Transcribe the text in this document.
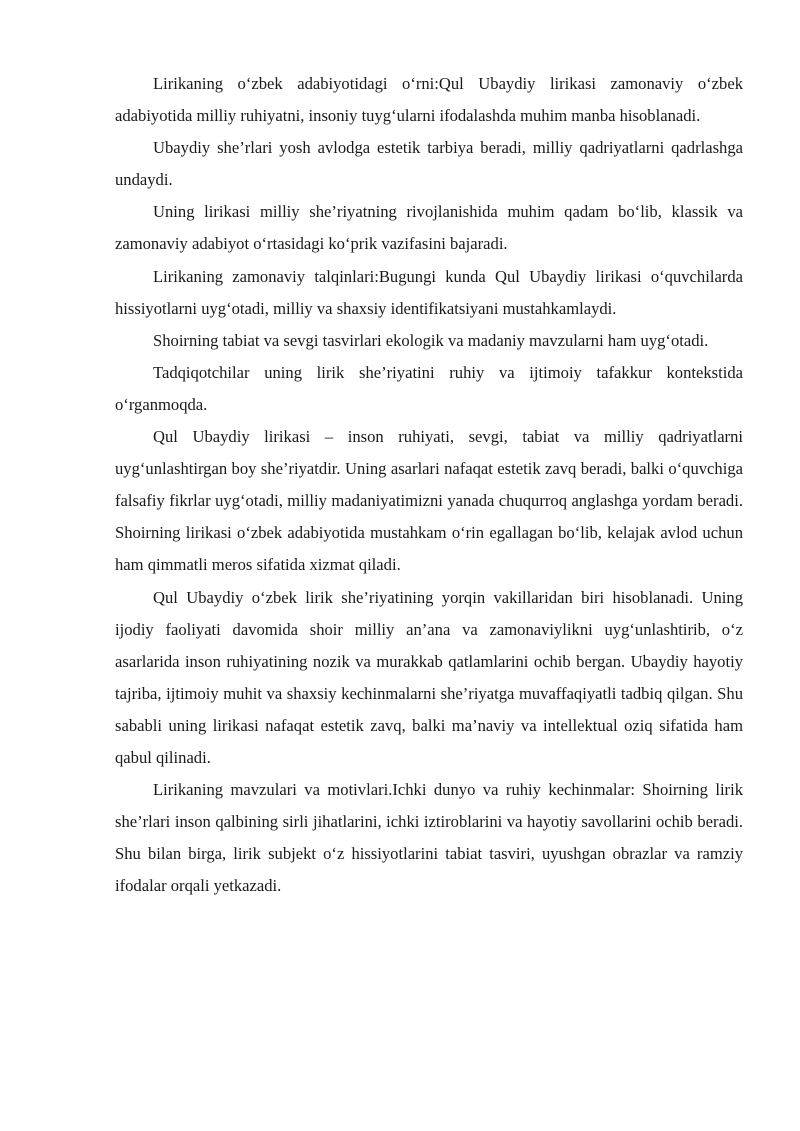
Lirikaning o‘zbek adabiyotidagi o‘rni:Qul Ubaydiy lirikasi zamonaviy o‘zbek adabiyotida milliy ruhiyatni, insoniy tuyg‘ularni ifodalashda muhim manba hisoblanadi.

Ubaydiy she’rlari yosh avlodga estetik tarbiya beradi, milliy qadriyatlarni qadrlashga undaydi.

Uning lirikasi milliy she’riyatning rivojlanishida muhim qadam bo‘lib, klassik va zamonaviy adabiyot o‘rtasidagi ko‘prik vazifasini bajaradi.

Lirikaning zamonaviy talqinlari:Bugungi kunda Qul Ubaydiy lirikasi o‘quvchilarda hissiyotlarni uyg‘otadi, milliy va shaxsiy identifikatsiyani mustahkamlaydi.

Shoirning tabiat va sevgi tasvirlari ekologik va madaniy mavzularni ham uyg‘otadi.

Tadqiqotchilar uning lirik she’riyatini ruhiy va ijtimoiy tafakkur kontekstida o‘rganmoqda.

Qul Ubaydiy lirikasi – inson ruhiyati, sevgi, tabiat va milliy qadriyatlarni uyg‘unlashtirgan boy she’riyatdir. Uning asarlari nafaqat estetik zavq beradi, balki o‘quvchiga falsafiy fikrlar uyg‘otadi, milliy madaniyatimizni yanada chuqurroq anglashga yordam beradi. Shoirning lirikasi o‘zbek adabiyotida mustahkam o‘rin egallagan bo‘lib, kelajak avlod uchun ham qimmatli meros sifatida xizmat qiladi.

Qul Ubaydiy o‘zbek lirik she’riyatining yorqin vakillaridan biri hisoblanadi. Uning ijodiy faoliyati davomida shoir milliy an’ana va zamonaviylikni uyg‘unlashtirib, o‘z asarlarida inson ruhiyatining nozik va murakkab qatlamlarini ochib bergan. Ubaydiy hayotiy tajriba, ijtimoiy muhit va shaxsiy kechinmalarni she’riyatga muvaffaqiyatli tadbiq qilgan. Shu sababli uning lirikasi nafaqat estetik zavq, balki ma’naviy va intellektual oziq sifatida ham qabul qilinadi.

Lirikaning mavzulari va motivlari.Ichki dunyo va ruhiy kechinmalar: Shoirning lirik she’rlari inson qalbining sirli jihatlarini, ichki iztiroblarini va hayotiy savollarini ochib beradi. Shu bilan birga, lirik subjekt o‘z hissiyotlarini tabiat tasviri, uyushgan obrazlar va ramziy ifodalar orqali yetkazadi.
